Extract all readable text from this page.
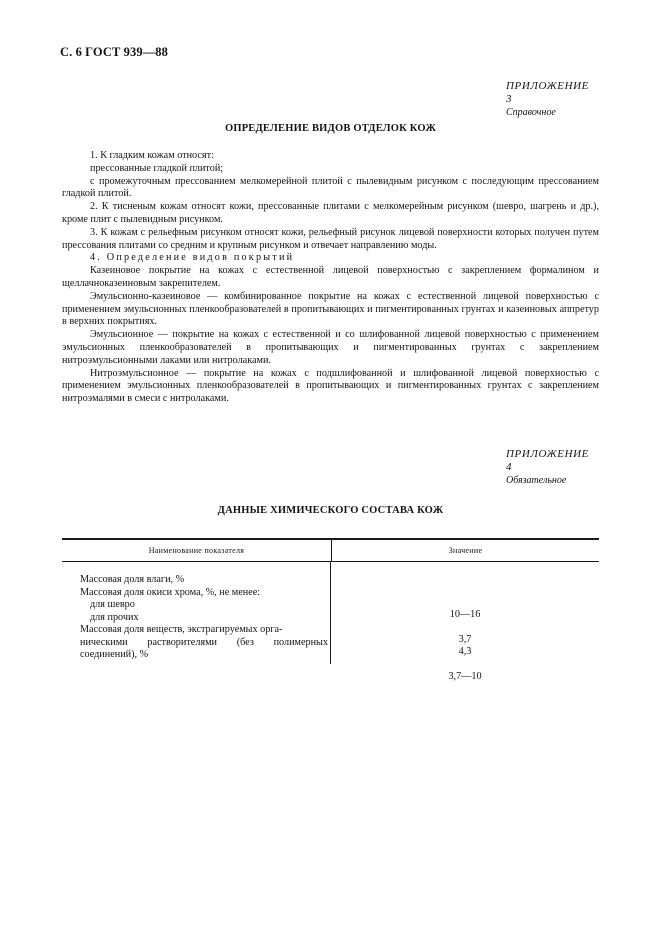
С. 6 ГОСТ 939—88
ПРИЛОЖЕНИЕ 3
Справочное
ОПРЕДЕЛЕНИЕ ВИДОВ ОТДЕЛОК КОЖ

1. К гладким кожам относят:

прессованные гладкой плитой;

с промежуточным прессованием мелкомерейной плитой с пылевидным рисунком с последующим прессованием гладкой плитой.

2. К тисненым кожам относят кожи, прессованные плитами с мелкомерейным рисунком (шевро, шагрень и др.), кроме плит с пылевидным рисунком.

3. К кожам с рельефным рисунком относят кожи, рельефный рисунок лицевой поверхности которых получен путем прессования плитами со средним и крупным рисунком и отвечает направлению моды.

4. Определение видов покрытий

Казеиновое покрытие на кожах с естественной лицевой поверхностью с закреплением формалином и щеллачноказеиновым закрепителем.

Эмульсионно-казеиновое — комбинированное покрытие на кожах с естественной лицевой поверхностью с применением эмульсионных пленкообразователей в пропитывающих и пигментированных грунтах и казеиновых аппретур в верхних покрытиях.

Эмульсионное — покрытие на кожах с естественной и со шлифованной лицевой поверхностью с применением эмульсионных пленкообразователей в пропитывающих и пигментированных грунтах с закреплением нитроэмульсионными лаками или нитролаками.

Нитроэмульсионное — покрытие на кожах с подшлифованной и шлифованной лицевой поверхностью с применением эмульсионных пленкообразователей в пропитывающих и пигментированных грунтах с закреплением нитроэмалями в смеси с нитролаками.

ПРИЛОЖЕНИЕ 4
Обязательное
ДАННЫЕ ХИМИЧЕСКОГО СОСТАВА КОЖ
Наименование показателя	Значение
Массовая доля влаги, %
Массовая доля окиси хрома, %, не менее:
для шевро
для прочих
Массовая доля веществ, экстрагируемых орга-
ническими растворителями (без полимерных
соединений), %
10—16
3,7
4,3
3,7—10
